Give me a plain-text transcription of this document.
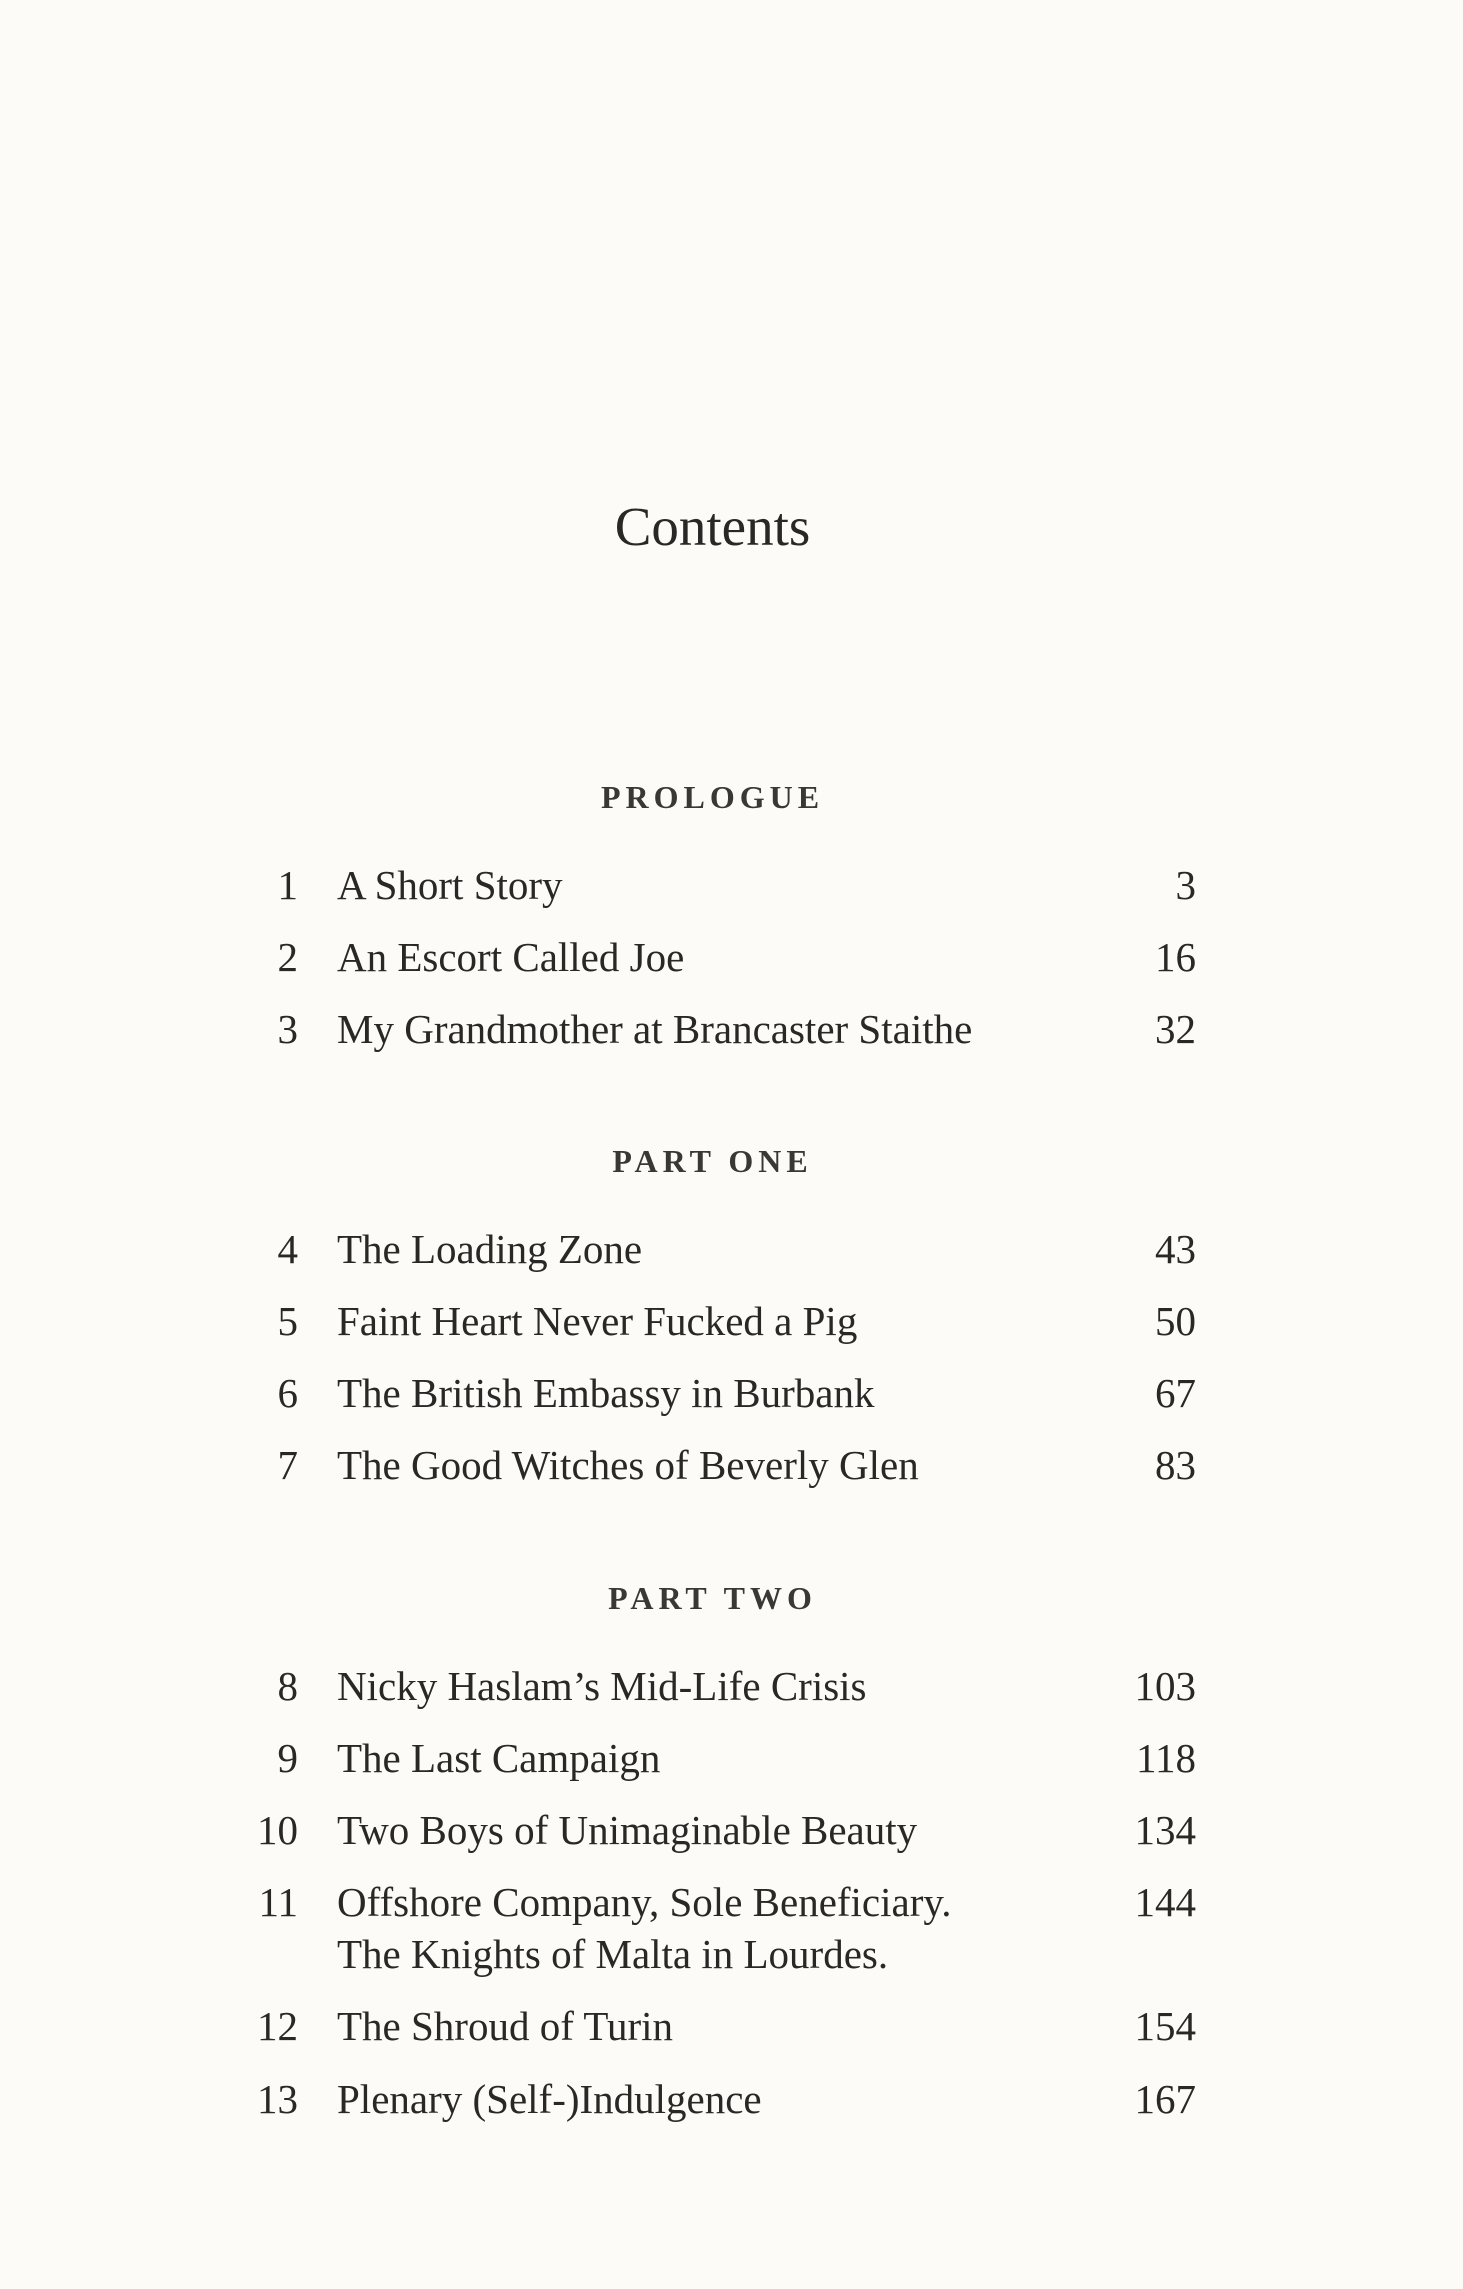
Contents
PROLOGUE
1 A Short Story	3
2 An Escort Called Joe	16
3 My Grandmother at Brancaster Staithe	32
PART ONE
4 The Loading Zone	43
5 Faint Heart Never Fucked a Pig	50
6 The British Embassy in Burbank	67
7 The Good Witches of Beverly Glen	83
PART TWO
8 Nicky Haslam’s Mid-Life Crisis	103
9 The Last Campaign	118
10 Two Boys of Unimaginable Beauty	134
11 Offshore Company, Sole Beneficiary.
The Knights of Malta in Lourdes.
144
12 The Shroud of Turin	154
13 Plenary (Self-)Indulgence	167
